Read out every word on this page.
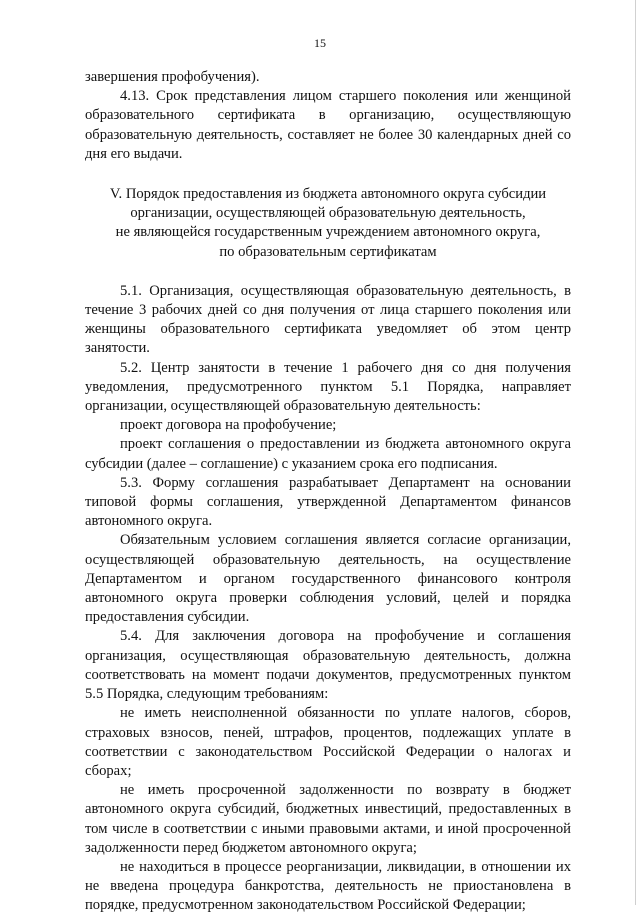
15

завершения профобучения).

4.13. Срок представления лицом старшего поколения или женщиной образовательного сертификата в организацию, осуществляющую образовательную деятельность, составляет не более 30 календарных дней со дня его выдачи.

V. Порядок предоставления из бюджета автономного округа субсидии
организации, осуществляющей образовательную деятельность,
не являющейся государственным учреждением автономного округа,
по образовательным сертификатам

5.1. Организация, осуществляющая образовательную деятельность, в течение 3 рабочих дней со дня получения от лица старшего поколения или женщины образовательного сертификата уведомляет об этом центр занятости.

5.2. Центр занятости в течение 1 рабочего дня со дня получения уведомления, предусмотренного пунктом 5.1 Порядка, направляет организации, осуществляющей образовательную деятельность:

проект договора на профобучение;

проект соглашения о предоставлении из бюджета автономного округа субсидии (далее – соглашение) с указанием срока его подписания.

5.3. Форму соглашения разрабатывает Департамент на основании типовой формы соглашения, утвержденной Департаментом финансов автономного округа.

Обязательным условием соглашения является согласие организации, осуществляющей образовательную деятельность, на осуществление Департаментом и органом государственного финансового контроля автономного округа проверки соблюдения условий, целей и порядка предоставления субсидии.

5.4. Для заключения договора на профобучение и соглашения организация, осуществляющая образовательную деятельность, должна соответствовать на момент подачи документов, предусмотренных пунктом 5.5 Порядка, следующим требованиям:

не иметь неисполненной обязанности по уплате налогов, сборов, страховых взносов, пеней, штрафов, процентов, подлежащих уплате в соответствии с законодательством Российской Федерации о налогах и сборах;

не иметь просроченной задолженности по возврату в бюджет автономного округа субсидий, бюджетных инвестиций, предоставленных в том числе в соответствии с иными правовыми актами, и иной просроченной задолженности перед бюджетом автономного округа;

не находиться в процессе реорганизации, ликвидации, в отношении их не введена процедура банкротства, деятельность не приостановлена в порядке, предусмотренном законодательством Российской Федерации;
